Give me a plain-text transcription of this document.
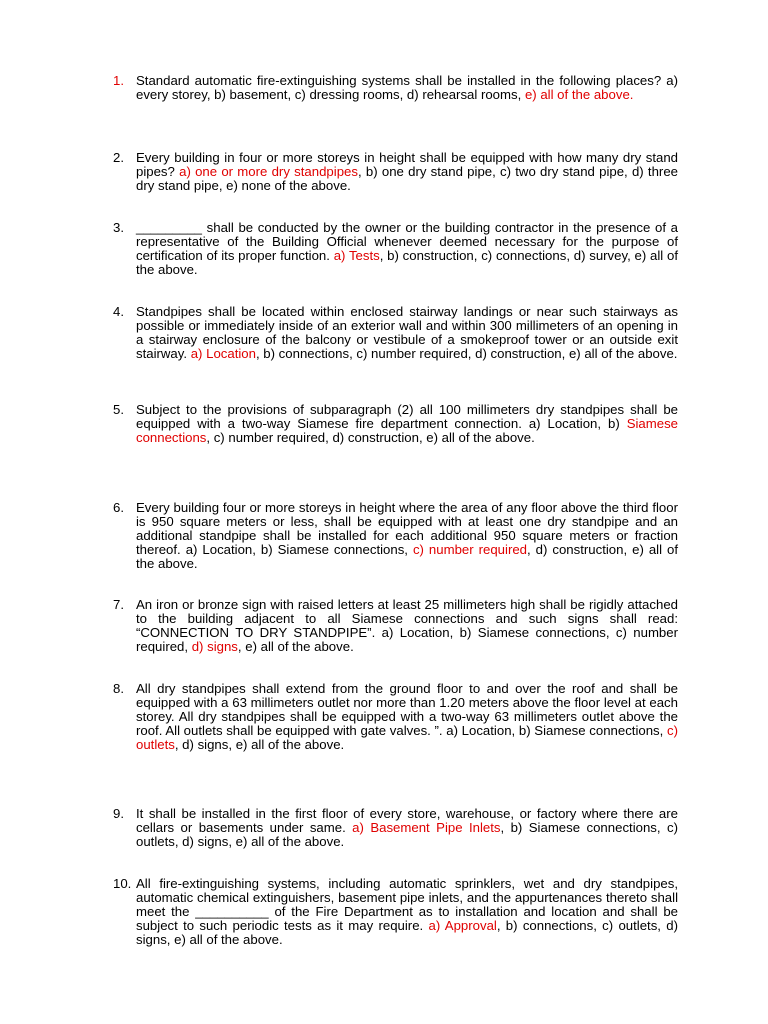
1. Standard automatic fire-extinguishing systems shall be installed in the following places? a) every storey, b) basement, c) dressing rooms, d) rehearsal rooms, e) all of the above.
2. Every building in four or more storeys in height shall be equipped with how many dry stand pipes? a) one or more dry standpipes, b) one dry stand pipe, c) two dry stand pipe, d) three dry stand pipe, e) none of the above.
3. _________ shall be conducted by the owner or the building contractor in the presence of a representative of the Building Official whenever deemed necessary for the purpose of certification of its proper function. a) Tests, b) construction, c) connections, d) survey, e) all of the above.
4. Standpipes shall be located within enclosed stairway landings or near such stairways as possible or immediately inside of an exterior wall and within 300 millimeters of an opening in a stairway enclosure of the balcony or vestibule of a smokeproof tower or an outside exit stairway. a) Location, b) connections, c) number required, d) construction, e) all of the above.
5. Subject to the provisions of subparagraph (2) all 100 millimeters dry standpipes shall be equipped with a two-way Siamese fire department connection. a) Location, b) Siamese connections, c) number required, d) construction, e) all of the above.
6. Every building four or more storeys in height where the area of any floor above the third floor is 950 square meters or less, shall be equipped with at least one dry standpipe and an additional standpipe shall be installed for each additional 950 square meters or fraction thereof. a) Location, b) Siamese connections, c) number required, d) construction, e) all of the above.
7. An iron or bronze sign with raised letters at least 25 millimeters high shall be rigidly attached to the building adjacent to all Siamese connections and such signs shall read: “CONNECTION TO DRY STANDPIPE”. a) Location, b) Siamese connections, c) number required, d) signs, e) all of the above.
8. All dry standpipes shall extend from the ground floor to and over the roof and shall be equipped with a 63 millimeters outlet nor more than 1.20 meters above the floor level at each storey. All dry standpipes shall be equipped with a two-way 63 millimeters outlet above the roof. All outlets shall be equipped with gate valves. ”. a) Location, b) Siamese connections, c) outlets, d) signs, e) all of the above.
9. It shall be installed in the first floor of every store, warehouse, or factory where there are cellars or basements under same. a) Basement Pipe Inlets, b) Siamese connections, c) outlets, d) signs, e) all of the above.
10. All fire-extinguishing systems, including automatic sprinklers, wet and dry standpipes, automatic chemical extinguishers, basement pipe inlets, and the appurtenances thereto shall meet the __________ of the Fire Department as to installation and location and shall be subject to such periodic tests as it may require. a) Approval, b) connections, c) outlets, d) signs, e) all of the above.
